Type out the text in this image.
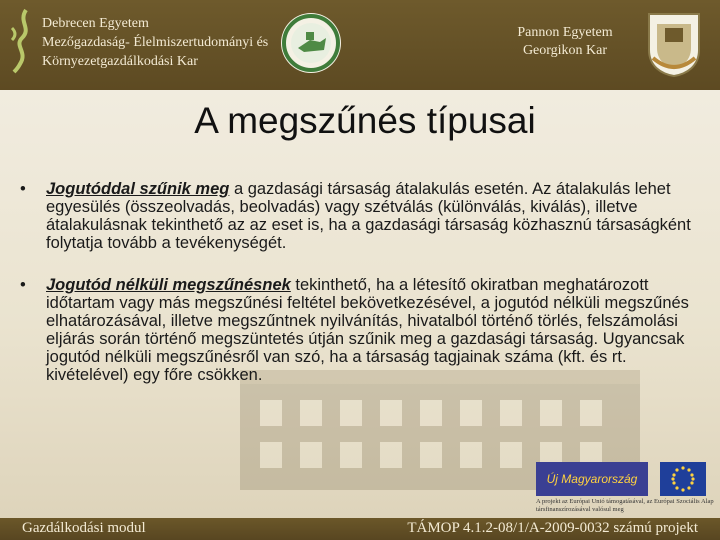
Debrecen Egyetem
Mezőgazdaság- Élelmiszertudományi és
Környezetgazdálkodási Kar
Pannon Egyetem
Georgikon Kar
A megszűnés típusai
• Jogutóddal szűnik meg a gazdasági társaság átalakulás esetén. Az átalakulás lehet egyesülés (összeolvadás, beolvadás) vagy szétválás (különválás, kiválás), illetve átalakulásnak tekinthető az az eset is, ha a gazdasági társaság közhasznú társaságként folytatja tovább a tevékenységét.
• Jogutód nélküli megszűnésnek tekinthető, ha a létesítő okiratban meghatározott időtartam vagy más megszűnési feltétel bekövetkezésével, a jogutód nélküli megszűnés elhatározásával, illetve megszűntnek nyilvánítás, hivatalból történő törlés, felszámolási eljárás során történő megszüntetés útján szűnik meg a gazdasági társaság. Ugyancsak jogutód nélküli megszűnésről van szó, ha a társaság tagjainak száma (kft. és rt. kivételével) egy főre csökken.
Új Magyarország
A projekt az Európai Unió támogatásával, az Európai Szociális Alap társfinanszírozásával valósul meg
Gazdálkodási modul	TÁMOP 4.1.2-08/1/A-2009-0032 számú projekt
